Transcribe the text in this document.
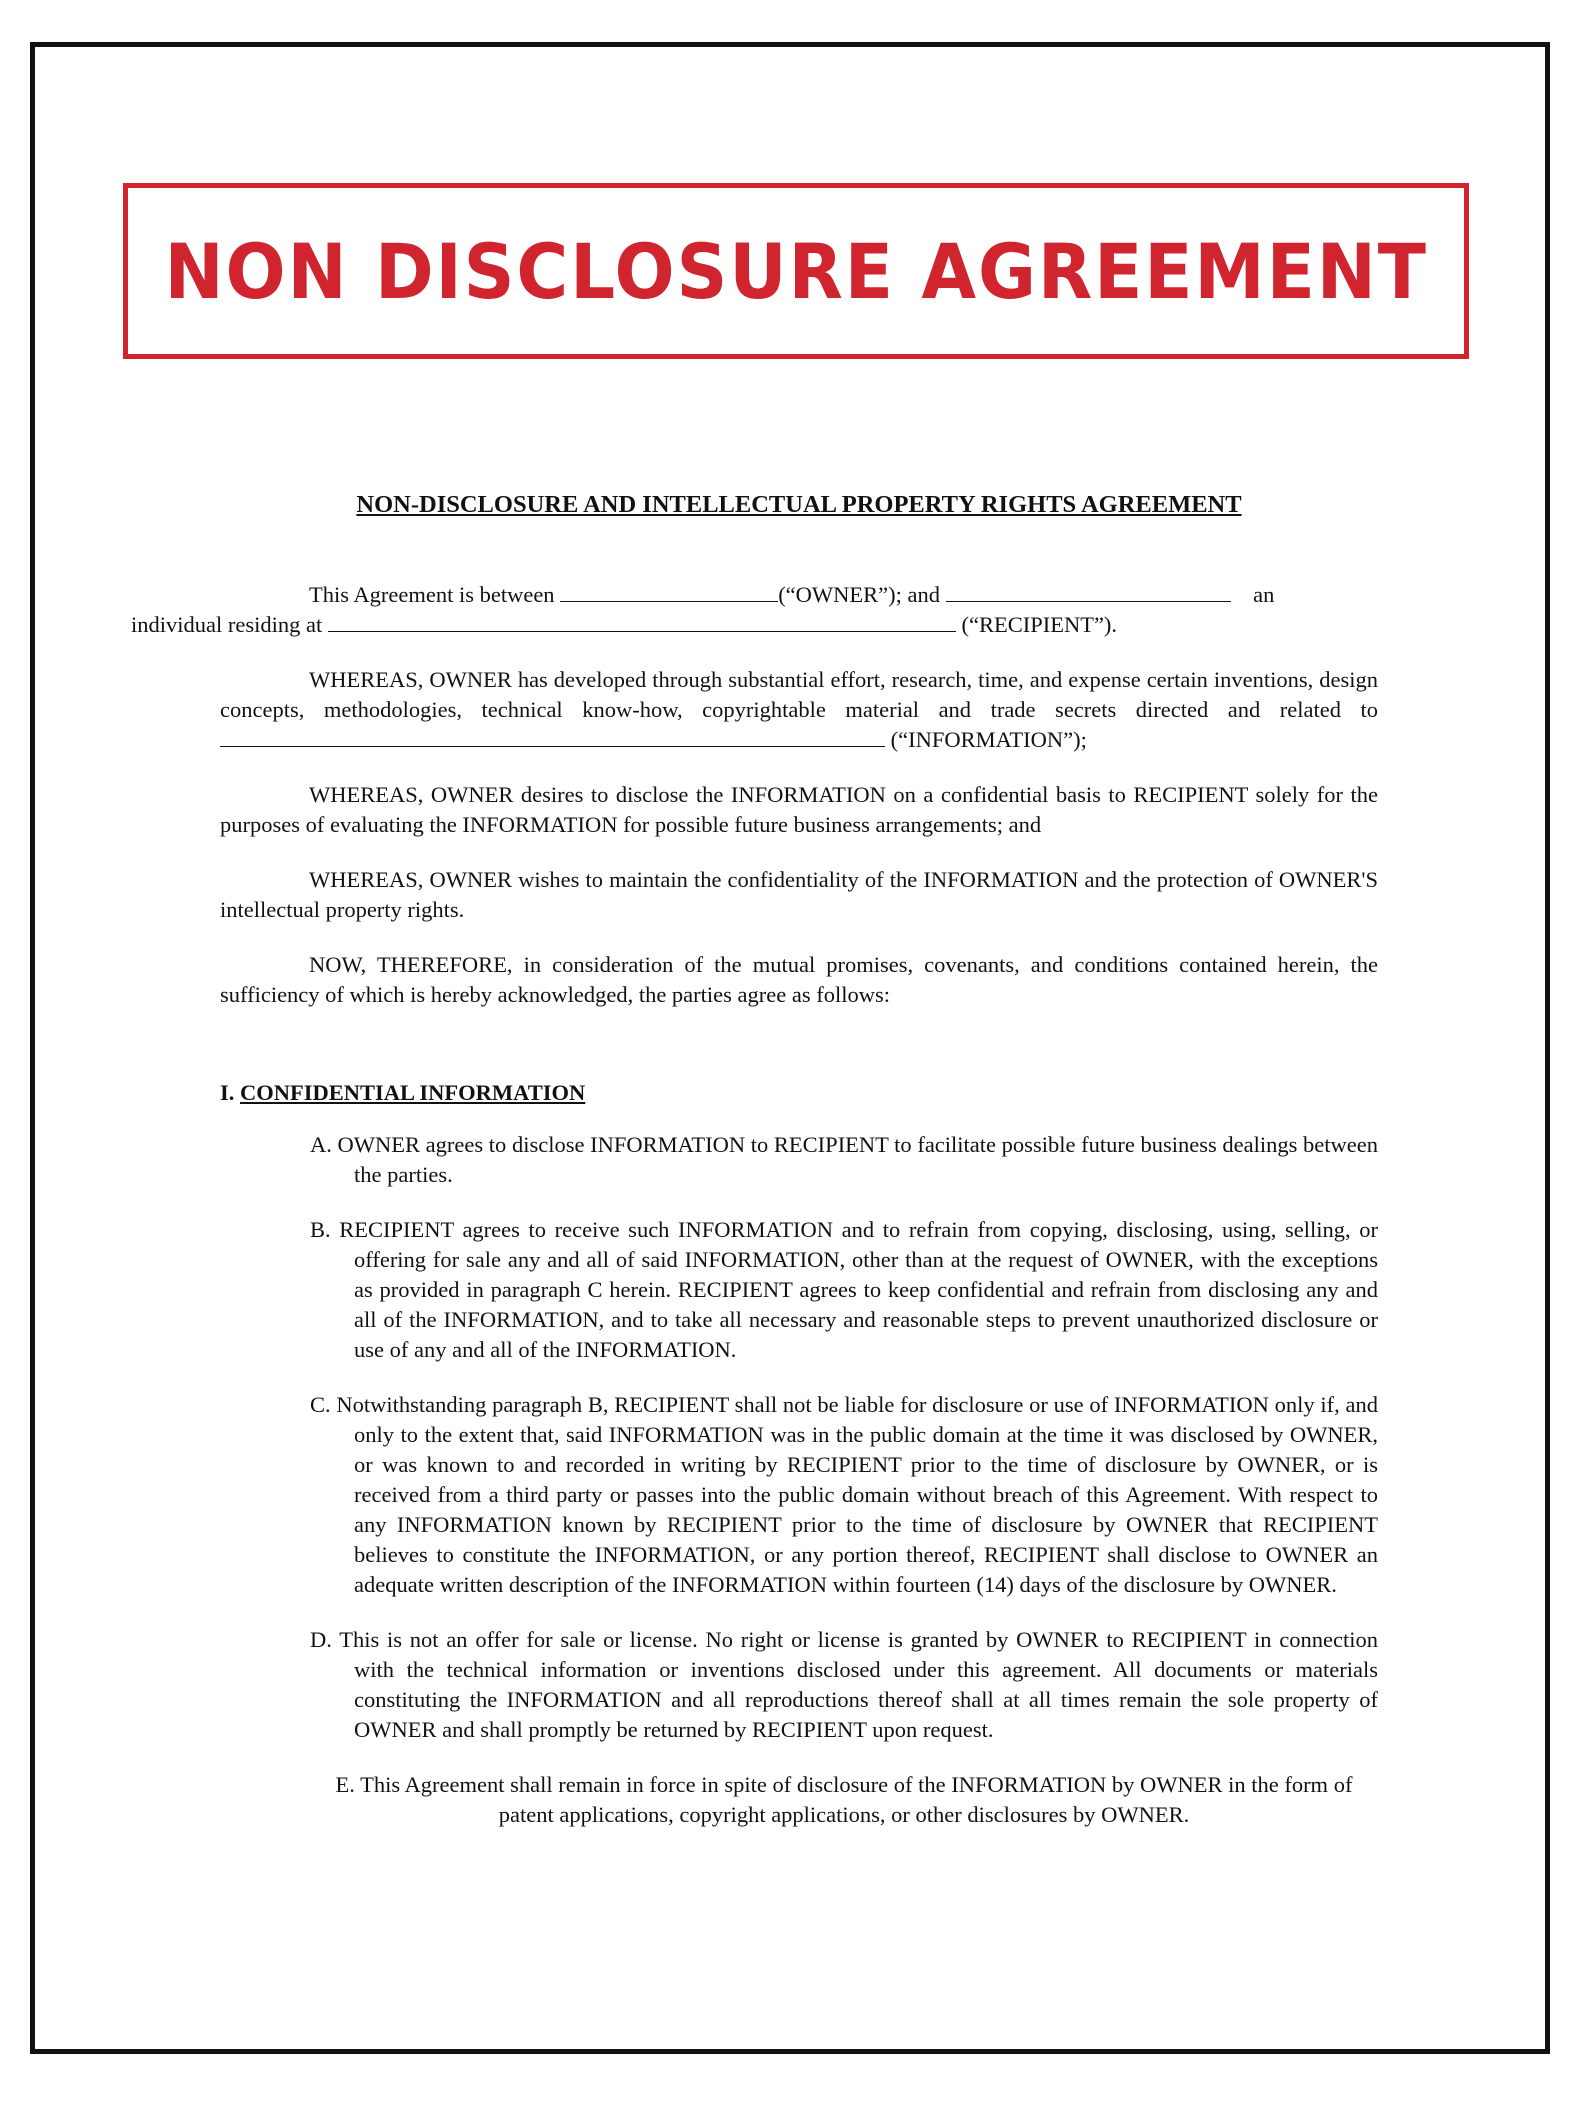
NON DISCLOSURE AGREEMENT
NON-DISCLOSURE AND INTELLECTUAL PROPERTY RIGHTS AGREEMENT

This Agreement is between	(“OWNER”); and	an
individual residing at	(“RECIPIENT”).

WHEREAS, OWNER has developed through substantial effort, research, time, and expense certain inventions, design concepts, methodologies, technical know-how, copyrightable material and trade secrets directed and related to (“INFORMATION”);

WHEREAS, OWNER desires to disclose the INFORMATION on a confidential basis to RECIPIENT solely for the purposes of evaluating the INFORMATION for possible future business arrangements; and

WHEREAS, OWNER wishes to maintain the confidentiality of the INFORMATION and the protection of OWNER'S intellectual property rights.

NOW, THEREFORE, in consideration of the mutual promises, covenants, and conditions contained herein, the sufficiency of which is hereby acknowledged, the parties agree as follows:

I. CONFIDENTIAL INFORMATION
A. OWNER agrees to disclose INFORMATION to RECIPIENT to facilitate possible future business dealings between the parties.
B. RECIPIENT agrees to receive such INFORMATION and to refrain from copying, disclosing, using, selling, or offering for sale any and all of said INFORMATION, other than at the request of OWNER, with the exceptions as provided in paragraph C herein. RECIPIENT agrees to keep confidential and refrain from disclosing any and all of the INFORMATION, and to take all necessary and reasonable steps to prevent unauthorized disclosure or use of any and all of the INFORMATION.
C. Notwithstanding paragraph B, RECIPIENT shall not be liable for disclosure or use of INFORMATION only if, and only to the extent that, said INFORMATION was in the public domain at the time it was disclosed by OWNER, or was known to and recorded in writing by RECIPIENT prior to the time of disclosure by OWNER, or is received from a third party or passes into the public domain without breach of this Agreement. With respect to any INFORMATION known by RECIPIENT prior to the time of disclosure by OWNER that RECIPIENT believes to constitute the INFORMATION, or any portion thereof, RECIPIENT shall disclose to OWNER an adequate written description of the INFORMATION within fourteen (14) days of the disclosure by OWNER.
D. This is not an offer for sale or license. No right or license is granted by OWNER to RECIPIENT in connection with the technical information or inventions disclosed under this agreement. All documents or materials constituting the INFORMATION and all reproductions thereof shall at all times remain the sole property of OWNER and shall promptly be returned by RECIPIENT upon request.
E. This Agreement shall remain in force in spite of disclosure of the INFORMATION by OWNER in the form of patent applications, copyright applications, or other disclosures by OWNER.
